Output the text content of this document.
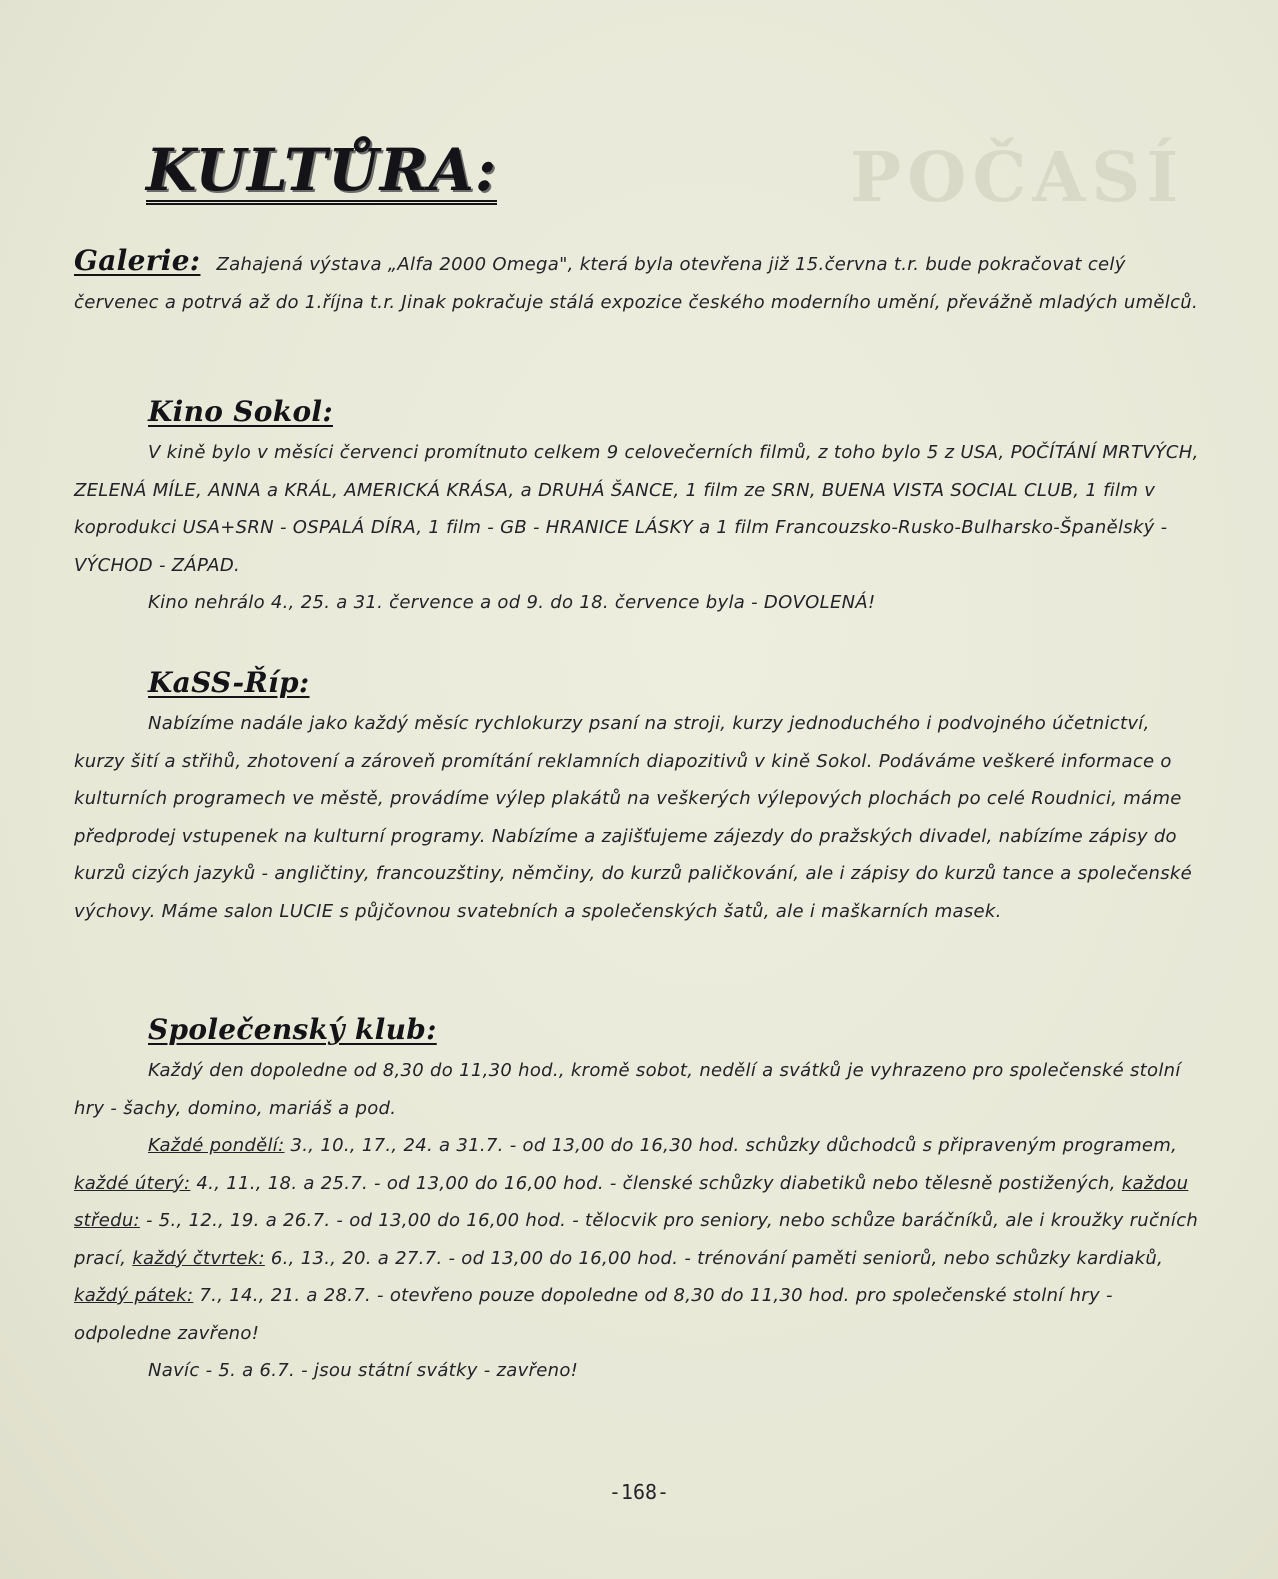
POČASÍ
KULTŮRA:
Galerie: Zahajená výstava „Alfa 2000 Omega", která byla otevřena již 15.června t.r. bude pokračovat celý červenec a potrvá až do 1.října t.r. Jinak pokračuje stálá expozice českého moderního umění, převážně mladých umělců.
Kino Sokol:
V kině bylo v měsíci červenci promítnuto celkem 9 celovečerních filmů, z toho bylo 5 z USA, POČÍTÁNÍ MRTVÝCH, ZELENÁ MÍLE, ANNA a KRÁL, AMERICKÁ KRÁSA, a DRUHÁ ŠANCE, 1 film ze SRN, BUENA VISTA SOCIAL CLUB, 1 film v koprodukci USA+SRN - OSPALÁ DÍRA, 1 film - GB - HRANICE LÁSKY a 1 film Francouzsko-Rusko-Bulharsko-Španělský - VÝCHOD - ZÁPAD.
Kino nehrálo 4., 25. a 31. července a od 9. do 18. července byla - DOVOLENÁ!
KaSS-Říp:
Nabízíme nadále jako každý měsíc rychlokurzy psaní na stroji, kurzy jednoduchého i podvojného účetnictví, kurzy šití a střihů, zhotovení a zároveň promítání reklamních diapozitivů v kině Sokol. Podáváme veškeré informace o kulturních programech ve městě, provádíme výlep plakátů na veškerých výlepových plochách po celé Roudnici, máme předprodej vstupenek na kulturní programy. Nabízíme a zajišťujeme zájezdy do pražských divadel, nabízíme zápisy do kurzů cizých jazyků - angličtiny, francouzštiny, němčiny, do kurzů paličkování, ale i zápisy do kurzů tance a společenské výchovy. Máme salon LUCIE s půjčovnou svatebních a společenských šatů, ale i maškarních masek.
Společenský klub:
Každý den dopoledne od 8,30 do 11,30 hod., kromě sobot, nedělí a svátků je vyhrazeno pro společenské stolní hry - šachy, domino, mariáš a pod.
Každé pondělí: 3., 10., 17., 24. a 31.7. - od 13,00 do 16,30 hod. schůzky důchodců s připraveným programem, každé úterý: 4., 11., 18. a 25.7. - od 13,00 do 16,00 hod. - členské schůzky diabetiků nebo tělesně postižených, každou středu: - 5., 12., 19. a 26.7. - od 13,00 do 16,00 hod. - tělocvik pro seniory, nebo schůze baráčníků, ale i kroužky ručních prací, každý čtvrtek: 6., 13., 20. a 27.7. - od 13,00 do 16,00 hod. - trénování paměti seniorů, nebo schůzky kardiaků, každý pátek: 7., 14., 21. a 28.7. - otevřeno pouze dopoledne od 8,30 do 11,30 hod. pro společenské stolní hry - odpoledne zavřeno!
Navíc - 5. a 6.7. - jsou státní svátky - zavřeno!
-168-
